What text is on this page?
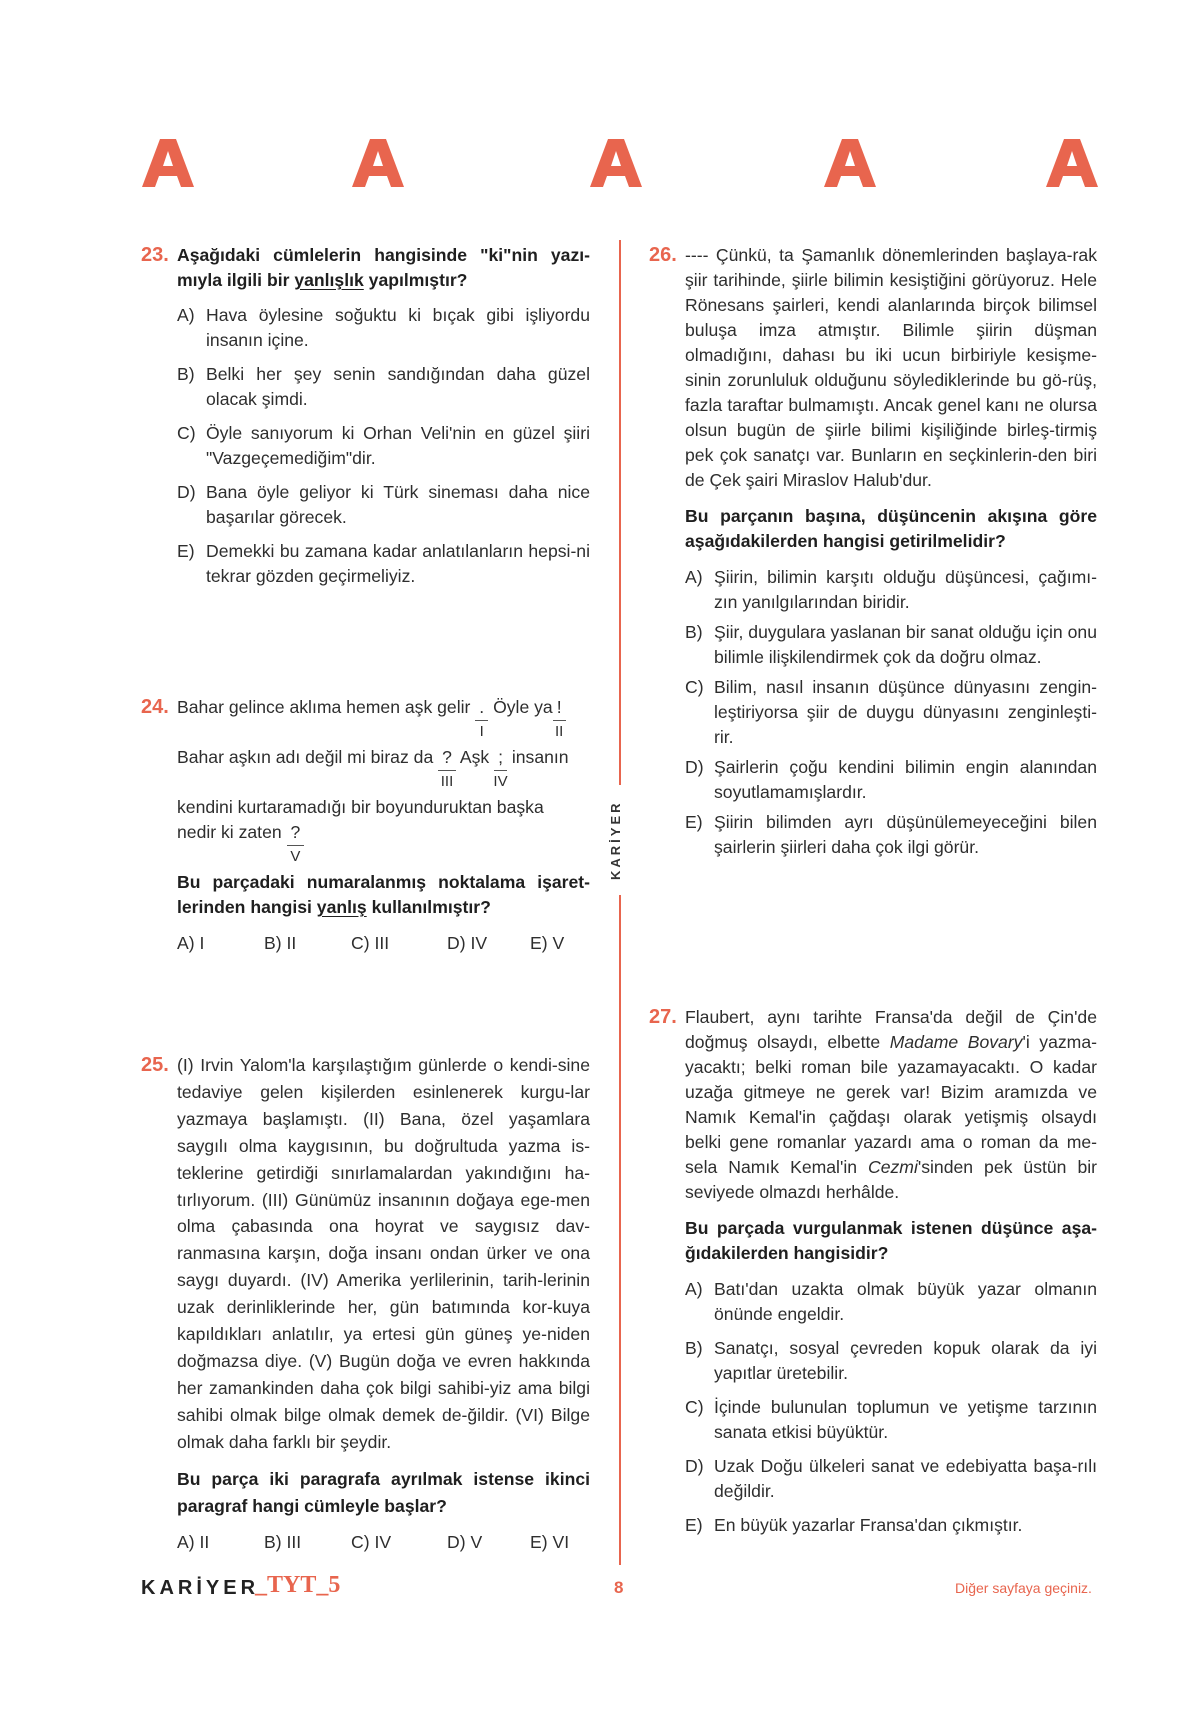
KARİYER
23. Aşağıdaki cümlelerin hangisinde "ki"nin yazı-mıyla ilgili bir yanlışlık yapılmıştır?
A) Hava öylesine soğuktu ki bıçak gibi işliyordu insanın içine.
B) Belki her şey senin sandığından daha güzel olacak şimdi.
C) Öyle sanıyorum ki Orhan Veli'nin en güzel şiiri "Vazgeçemediğim"dir.
D) Bana öyle geliyor ki Türk sineması daha nice başarılar görecek.
E) Demekki bu zamana kadar anlatılanların hepsi-ni tekrar gözden geçirmeliyiz.
24. Bahar gelince aklıma hemen aşk gelir .
I
Öyle ya !
II
Bahar aşkın adı değil mi biraz da ?
III
Aşk ;
IV
insanın
kendini kurtaramadığı bir boyunduruktan başka
nedir ki zaten ?
V
Bu parçadaki numaralanmış noktalama işaret-lerinden hangisi yanlış kullanılmıştır?
A) I	B) II	C) III	D) IV	E) V
25. (I) Irvin Yalom'la karşılaştığım günlerde o kendi-sine tedaviye gelen kişilerden esinlenerek kurgu-lar yazmaya başlamıştı. (II) Bana, özel yaşamlara saygılı olma kaygısının, bu doğrultuda yazma is-teklerine getirdiği sınırlamalardan yakındığını ha-tırlıyorum. (III) Günümüz insanının doğaya ege-men olma çabasında ona hoyrat ve saygısız dav-ranmasına karşın, doğa insanı ondan ürker ve ona saygı duyardı. (IV) Amerika yerlilerinin, tarih-lerinin uzak derinliklerinde her, gün batımında kor-kuya kapıldıkları anlatılır, ya ertesi gün güneş ye-niden doğmazsa diye. (V) Bugün doğa ve evren hakkında her zamankinden daha çok bilgi sahibi-yiz ama bilgi sahibi olmak bilge olmak demek de-ğildir. (VI) Bilge olmak daha farklı bir şeydir.
Bu parça iki paragrafa ayrılmak istense ikinci paragraf hangi cümleyle başlar?
A) II	B) III	C) IV	D) V	E) VI
26. ---- Çünkü, ta Şamanlık dönemlerinden başlaya-rak şiir tarihinde, şiirle bilimin kesiştiğini görüyoruz. Hele Rönesans şairleri, kendi alanlarında birçok bilimsel buluşa imza atmıştır. Bilimle şiirin düşman olmadığını, dahası bu iki ucun birbiriyle kesişme-sinin zorunluluk olduğunu söylediklerinde bu gö-rüş, fazla taraftar bulmamıştı. Ancak genel kanı ne olursa olsun bugün de şiirle bilimi kişiliğinde birleş-tirmiş pek çok sanatçı var. Bunların en seçkinlerin-den biri de Çek şairi Miraslov Halub'dur.
Bu parçanın başına, düşüncenin akışına göre aşağıdakilerden hangisi getirilmelidir?
A) Şiirin, bilimin karşıtı olduğu düşüncesi, çağımı-zın yanılgılarından biridir.
B) Şiir, duygulara yaslanan bir sanat olduğu için onu bilimle ilişkilendirmek çok da doğru olmaz.
C) Bilim, nasıl insanın düşünce dünyasını zengin-leştiriyorsa şiir de duygu dünyasını zenginleşti-rir.
D) Şairlerin çoğu kendini bilimin engin alanından soyutlamamışlardır.
E) Şiirin bilimden ayrı düşünülemeyeceğini bilen şairlerin şiirleri daha çok ilgi görür.
27. Flaubert, aynı tarihte Fransa'da değil de Çin'de doğmuş olsaydı, elbette Madame Bovary'i yazma-yacaktı; belki roman bile yazamayacaktı. O kadar uzağa gitmeye ne gerek var! Bizim aramızda ve Namık Kemal'in çağdaşı olarak yetişmiş olsaydı belki gene romanlar yazardı ama o roman da me-sela Namık Kemal'in Cezmi'sinden pek üstün bir seviyede olmazdı herhâlde.
Bu parçada vurgulanmak istenen düşünce aşa-ğıdakilerden hangisidir?
A) Batı'dan uzakta olmak büyük yazar olmanın önünde engeldir.
B) Sanatçı, sosyal çevreden kopuk olarak da iyi yapıtlar üretebilir.
C) İçinde bulunulan toplumun ve yetişme tarzının sanata etkisi büyüktür.
D) Uzak Doğu ülkeleri sanat ve edebiyatta başa-rılı değildir.
E) En büyük yazarlar Fransa'dan çıkmıştır.
KARİYER
_TYT_5	8	Diğer sayfaya geçiniz.
